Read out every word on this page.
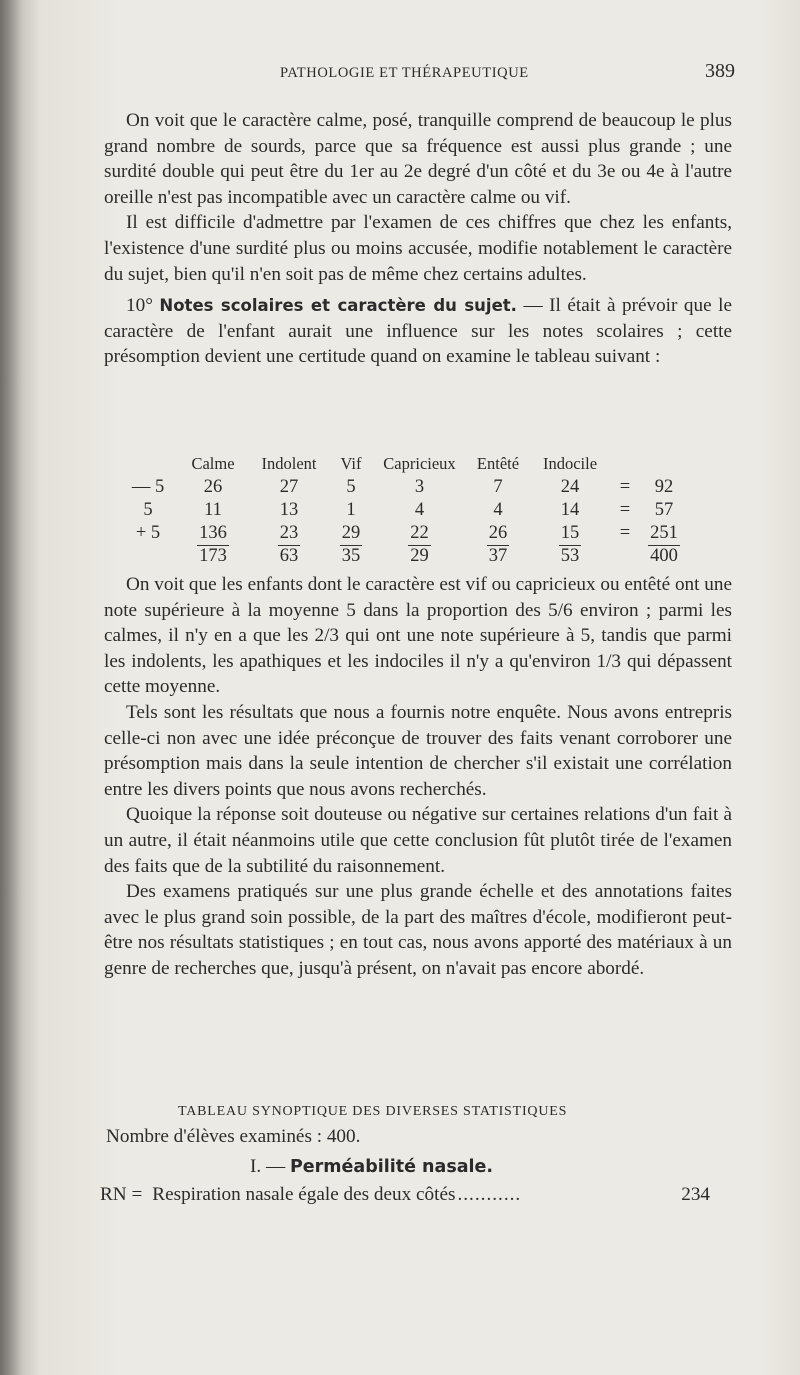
PATHOLOGIE ET THÉRAPEUTIQUE	389

On voit que le caractère calme, posé, tranquille comprend de beaucoup le plus grand nombre de sourds, parce que sa fréquence est aussi plus grande ; une surdité double qui peut être du 1er au 2e degré d'un côté et du 3e ou 4e à l'autre oreille n'est pas incompatible avec un caractère calme ou vif.

Il est difficile d'admettre par l'examen de ces chiffres que chez les enfants, l'existence d'une surdité plus ou moins accusée, modifie notablement le caractère du sujet, bien qu'il n'en soit pas de même chez certains adultes.

10° Notes scolaires et caractère du sujet. — Il était à prévoir que le caractère de l'enfant aurait une influence sur les notes scolaires ; cette présomption devient une certitude quand on examine le tableau suivant :

	Calme	Indolent	Vif	Capricieux	Entêté	Indocile		
— 5	26	27	5	3	7	24	=	92
5	11	13	1	4	4	14	=	57
+ 5	136	23	29	22	26	15	=	251
	173	63	35	29	37	53		400

On voit que les enfants dont le caractère est vif ou capricieux ou entêté ont une note supérieure à la moyenne 5 dans la proportion des 5/6 environ ; parmi les calmes, il n'y en a que les 2/3 qui ont une note supérieure à 5, tandis que parmi les indolents, les apathiques et les indociles il n'y a qu'environ 1/3 qui dépassent cette moyenne.

Tels sont les résultats que nous a fournis notre enquête. Nous avons entrepris celle-ci non avec une idée préconçue de trouver des faits venant corroborer une présomption mais dans la seule intention de chercher s'il existait une corrélation entre les divers points que nous avons recherchés.

Quoique la réponse soit douteuse ou négative sur certaines relations d'un fait à un autre, il était néanmoins utile que cette conclusion fût plutôt tirée de l'examen des faits que de la subtilité du raisonnement.

Des examens pratiqués sur une plus grande échelle et des annotations faites avec le plus grand soin possible, de la part des maîtres d'école, modifieront peut-être nos résultats statistiques ; en tout cas, nous avons apporté des matériaux à un genre de recherches que, jusqu'à présent, on n'avait pas encore abordé.

TABLEAU SYNOPTIQUE DES DIVERSES STATISTIQUES
Nombre d'élèves examinés : 400.
I. — Perméabilité nasale.
RN = Respiration nasale égale des deux côtés ...........	234
